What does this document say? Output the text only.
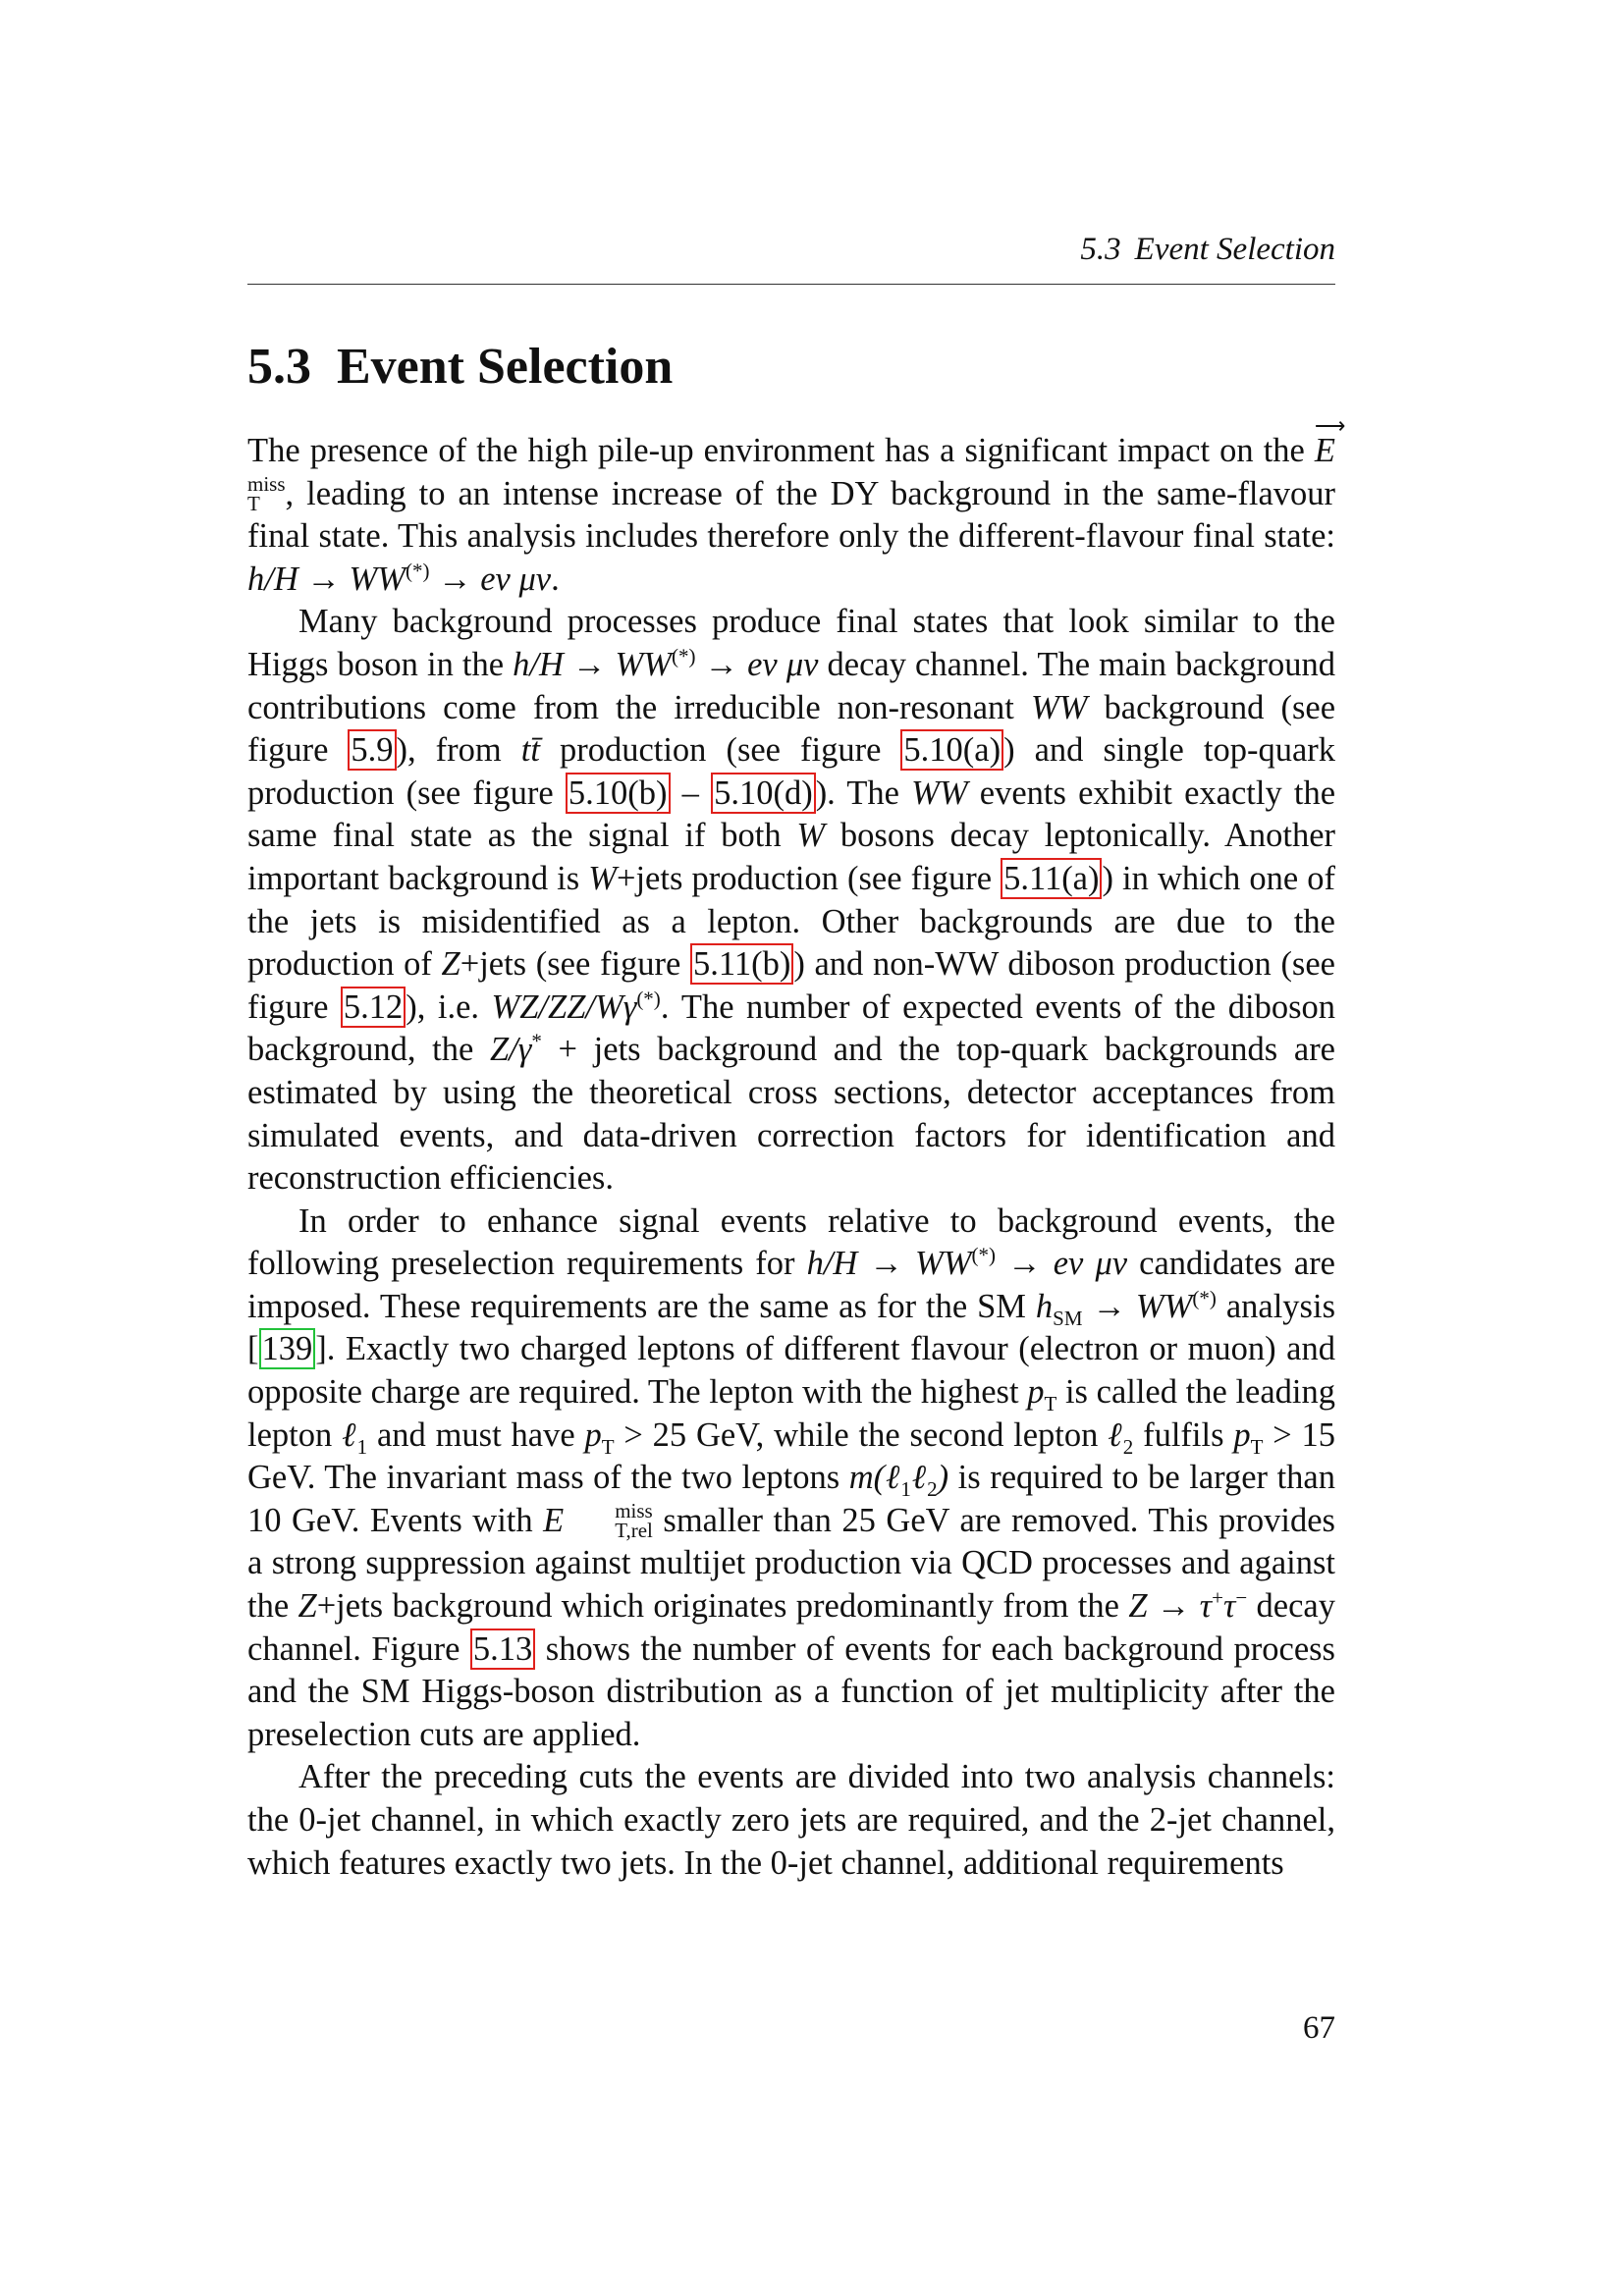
5.3 Event Selection
5.3 Event Selection

The presence of the high pile-up environment has a significant impact on the
⟶
E
miss
T , leading to an intense increase of the DY background in the same-flavour final state. This analysis includes therefore only the different-flavour final state: h/H → WW(*) → eν μν.

Many background processes produce final states that look similar to the Higgs boson in the h/H → WW(*) → eν μν decay channel. The main background contributions come from the irreducible non-resonant WW background (see figure 5.9), from tt̄ production (see figure 5.10(a)) and single top-quark production (see figure 5.10(b) – 5.10(d)). The WW events exhibit exactly the same final state as the signal if both W bosons decay leptonically. Another important background is W+jets production (see figure 5.11(a)) in which one of the jets is misidentified as a lepton. Other backgrounds are due to the production of Z+jets (see figure 5.11(b)) and non-WW diboson production (see figure 5.12), i.e. WZ/ZZ/Wγ(*). The number of expected events of the diboson background, the Z/γ* + jets background and the top-quark backgrounds are estimated by using the theoretical cross sections, detector acceptances from simulated events, and data-driven correction factors for identification and reconstruction efficiencies.

In order to enhance signal events relative to background events, the following preselection requirements for h/H → WW(*) → eν μν candidates are imposed. These requirements are the same as for the SM $h_{SM} \to WW^{(*)}$ analysis [139]. Exactly two charged leptons of different flavour (electron or muon) and opposite charge are required. The lepton with the highest $p_T$ is called the leading lepton ℓ$_1$ and must have $p_T > 25$ GeV, while the second lepton ℓ$_2$ fulfils $p_T > 15$ GeV. The invariant mass of the two leptons m(ℓ$_1$ℓ$_2$) is required to be larger than 10 GeV. Events with E	miss
T,rel smaller than 25 GeV are removed. This provides a strong suppression against multijet production via QCD processes and against the Z+jets background which originates predominantly from the Z → τ+τ− decay channel. Figure 5.13 shows the number of events for each background process and the SM Higgs-boson distribution as a function of jet multiplicity after the preselection cuts are applied.

After the preceding cuts the events are divided into two analysis channels: the 0-jet channel, in which exactly zero jets are required, and the 2-jet channel, which features exactly two jets. In the 0-jet channel, additional requirements

67
